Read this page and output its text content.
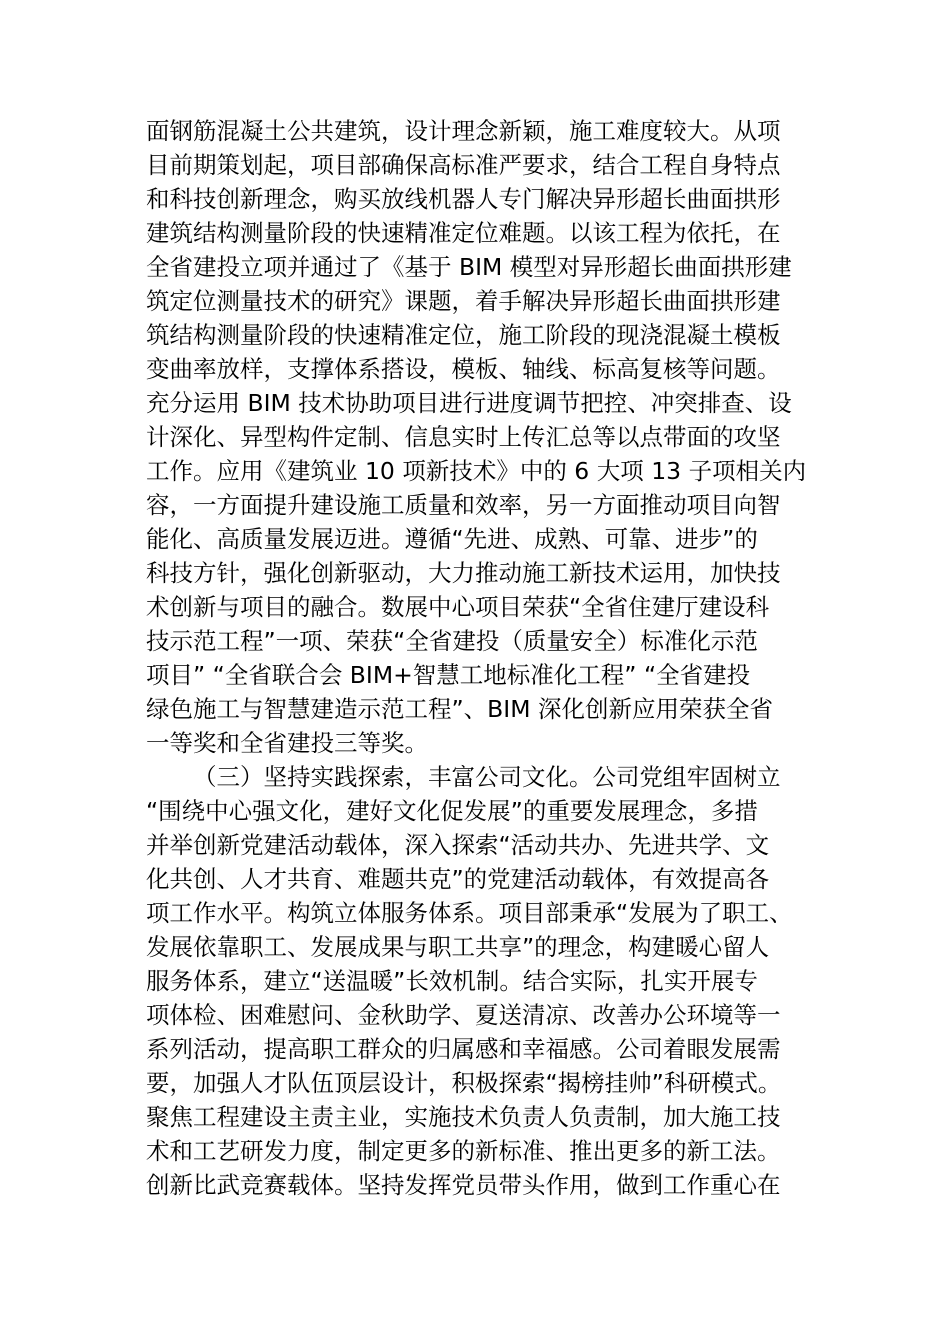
面钢筋混凝土公共建筑，设计理念新颖，施工难度较大。从项
目前期策划起，项目部确保高标准严要求，结合工程自身特点
和科技创新理念，购买放线机器人专门解决异形超长曲面拱形
建筑结构测量阶段的快速精准定位难题。以该工程为依托，在
全省建投立项并通过了《基于 BIM 模型对异形超长曲面拱形建
筑定位测量技术的研究》课题，着手解决异形超长曲面拱形建
筑结构测量阶段的快速精准定位，施工阶段的现浇混凝土模板
变曲率放样，支撑体系搭设，模板、轴线、标高复核等问题。
充分运用 BIM 技术协助项目进行进度调节把控、冲突排查、设
计深化、异型构件定制、信息实时上传汇总等以点带面的攻坚
工作。应用《建筑业 10 项新技术》中的 6 大项 13 子项相关内
容，一方面提升建设施工质量和效率，另一方面推动项目向智
能化、高质量发展迈进。遵循“先进、成熟、可靠、进步”的
科技方针，强化创新驱动，大力推动施工新技术运用，加快技
术创新与项目的融合。数展中心项目荣获“全省住建厅建设科
技示范工程”一项、荣获“全省建投（质量安全）标准化示范
项目” “全省联合会 BIM+智慧工地标准化工程” “全省建投
绿色施工与智慧建造示范工程”、BIM 深化创新应用荣获全省
一等奖和全省建投三等奖。
（三）坚持实践探索，丰富公司文化。公司党组牢固树立
“围绕中心强文化，建好文化促发展”的重要发展理念，多措
并举创新党建活动载体，深入探索“活动共办、先进共学、文
化共创、人才共育、难题共克”的党建活动载体，有效提高各
项工作水平。构筑立体服务体系。项目部秉承“发展为了职工、
发展依靠职工、发展成果与职工共享”的理念，构建暖心留人
服务体系，建立“送温暖”长效机制。结合实际，扎实开展专
项体检、困难慰问、金秋助学、夏送清凉、改善办公环境等一
系列活动，提高职工群众的归属感和幸福感。公司着眼发展需
要，加强人才队伍顶层设计，积极探索“揭榜挂帅”科研模式。
聚焦工程建设主责主业，实施技术负责人负责制，加大施工技
术和工艺研发力度，制定更多的新标准、推出更多的新工法。
创新比武竞赛载体。坚持发挥党员带头作用，做到工作重心在
